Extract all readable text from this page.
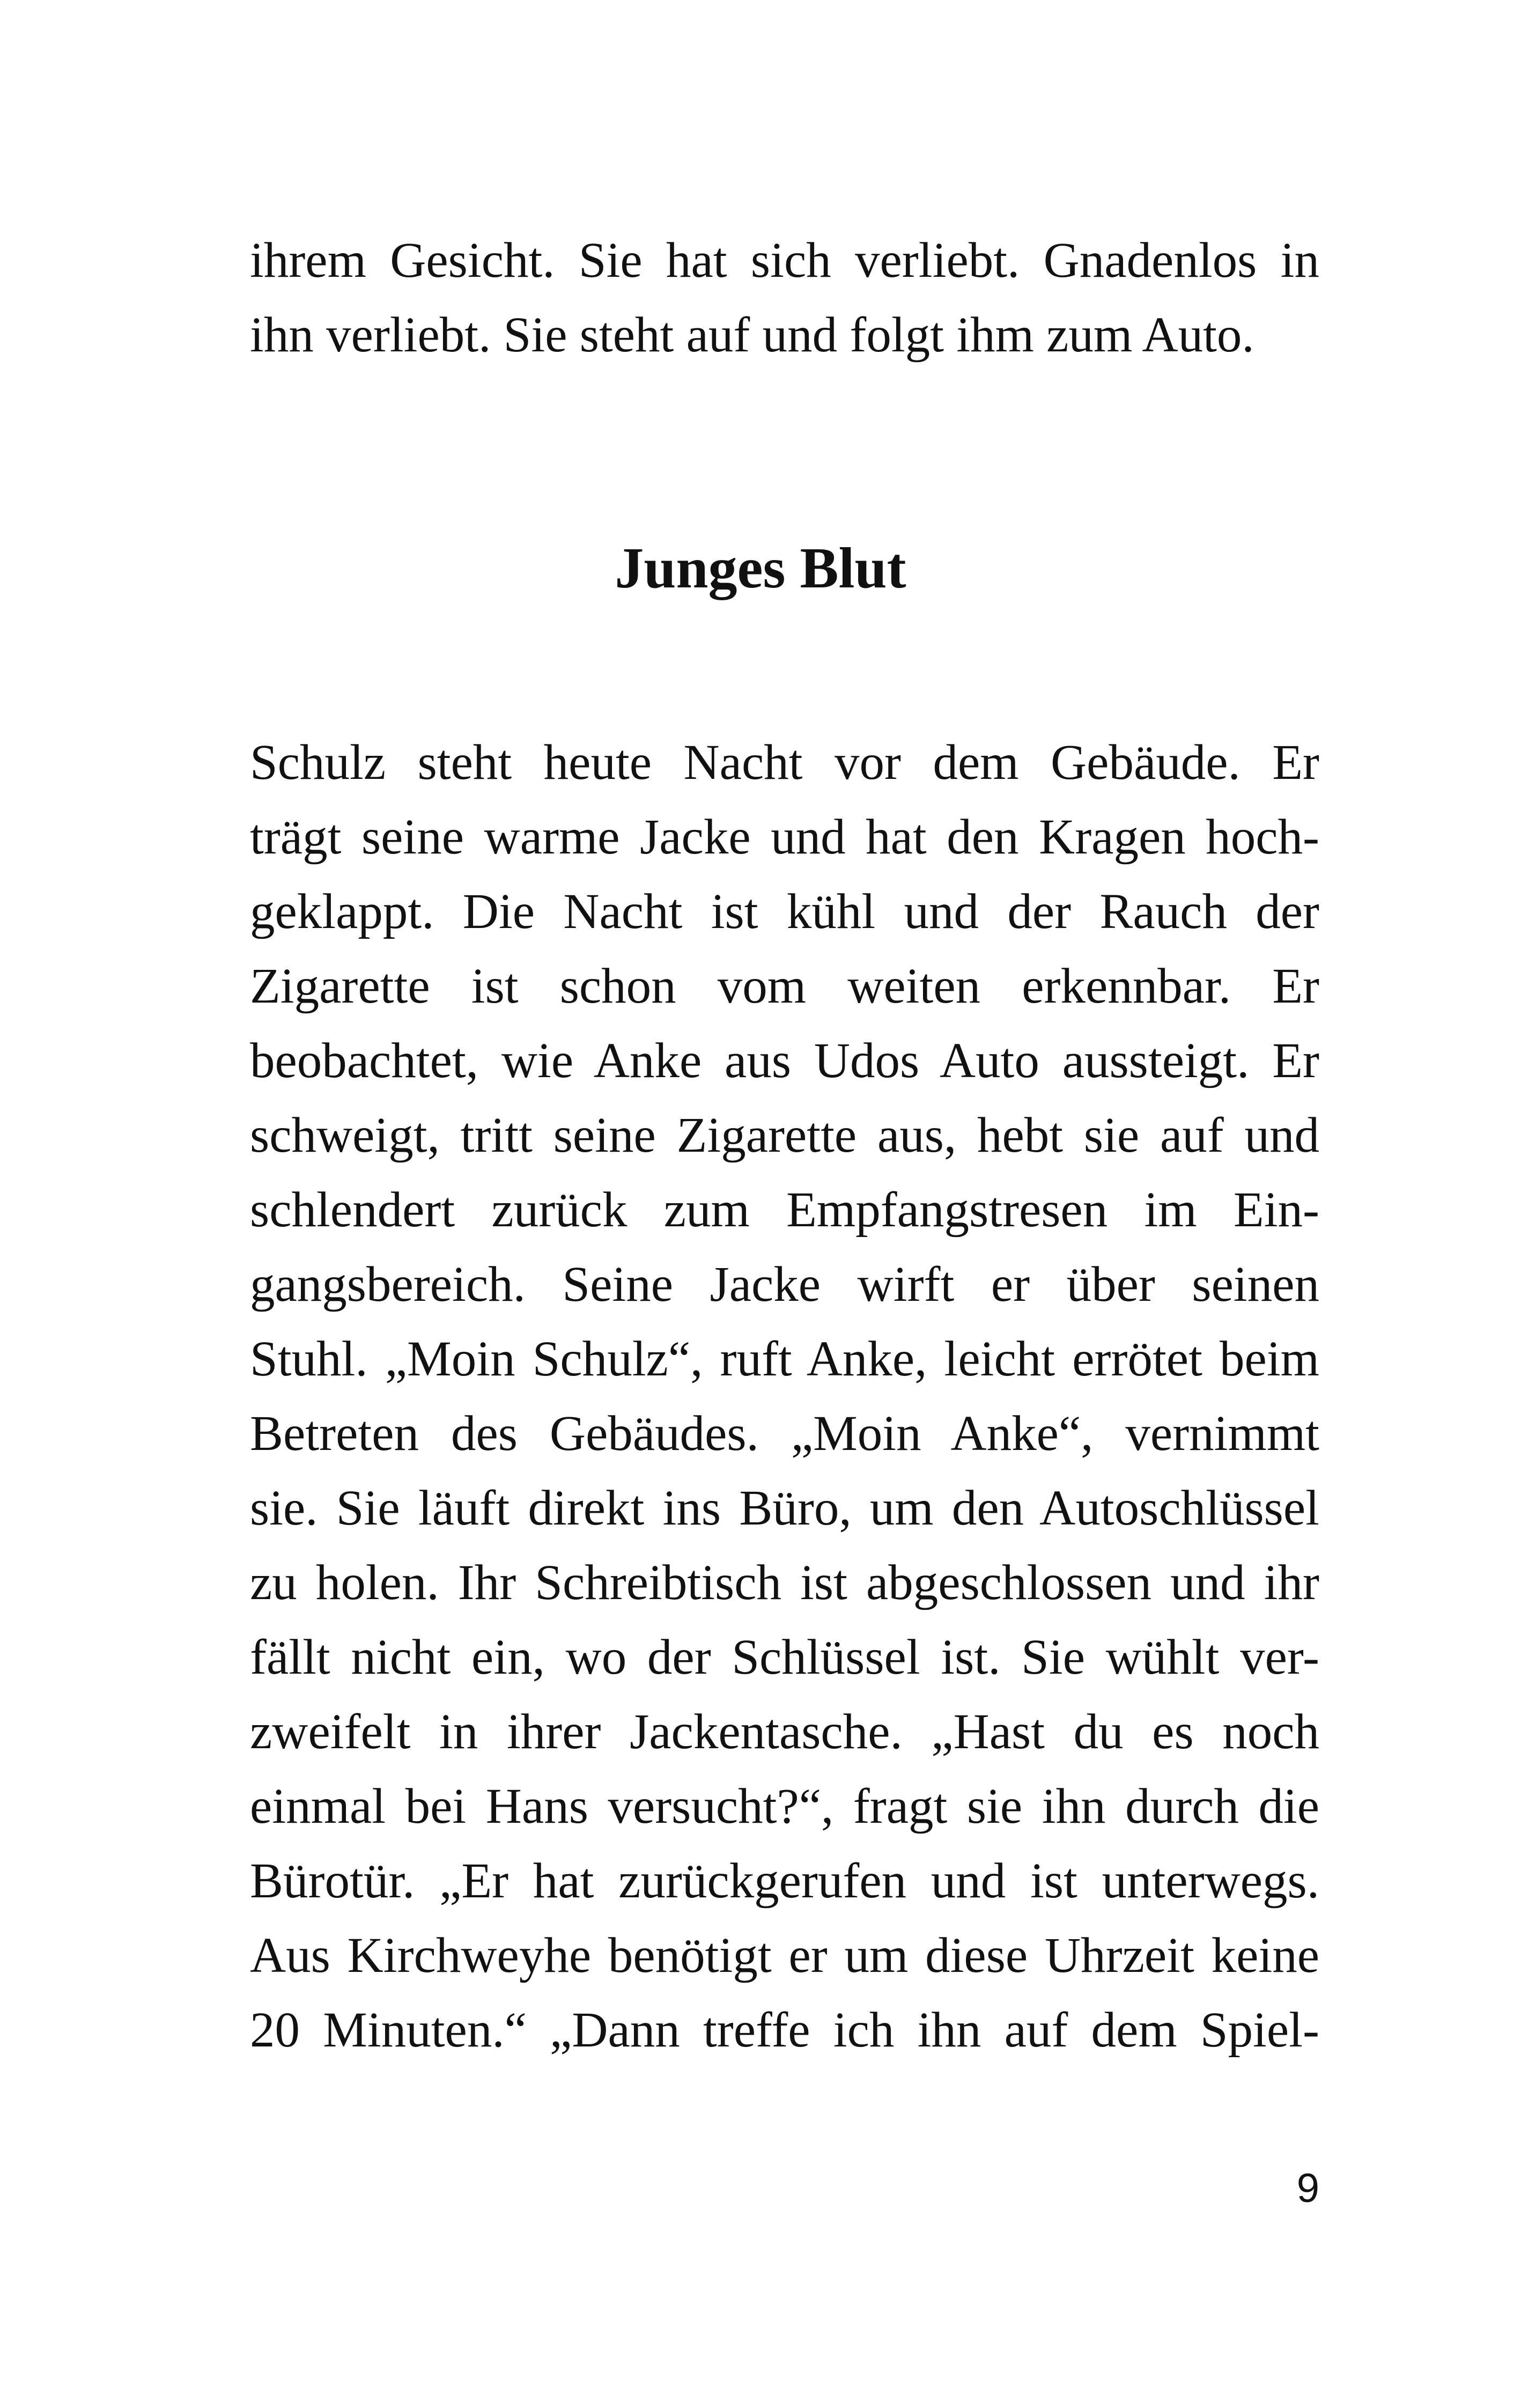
ihrem Gesicht. Sie hat sich verliebt. Gnadenlos in
ihn verliebt. Sie steht auf und folgt ihm zum Auto.
Junges Blut
Schulz steht heute Nacht vor dem Gebäude. Er
trägt seine warme Jacke und hat den Kragen hoch-
geklappt. Die Nacht ist kühl und der Rauch der
Zigarette ist schon vom weiten erkennbar. Er
beobachtet, wie Anke aus Udos Auto aussteigt. Er
schweigt, tritt seine Zigarette aus, hebt sie auf und
schlendert zurück zum Empfangstresen im Ein-
gangsbereich. Seine Jacke wirft er über seinen
Stuhl. „Moin Schulz“, ruft Anke, leicht errötet beim
Betreten des Gebäudes. „Moin Anke“, vernimmt
sie. Sie läuft direkt ins Büro, um den Autoschlüssel
zu holen. Ihr Schreibtisch ist abgeschlossen und ihr
fällt nicht ein, wo der Schlüssel ist. Sie wühlt ver-
zweifelt in ihrer Jackentasche. „Hast du es noch
einmal bei Hans versucht?“, fragt sie ihn durch die
Bürotür. „Er hat zurückgerufen und ist unterwegs.
Aus Kirchweyhe benötigt er um diese Uhrzeit keine
20 Minuten.“ „Dann treffe ich ihn auf dem Spiel-
9
